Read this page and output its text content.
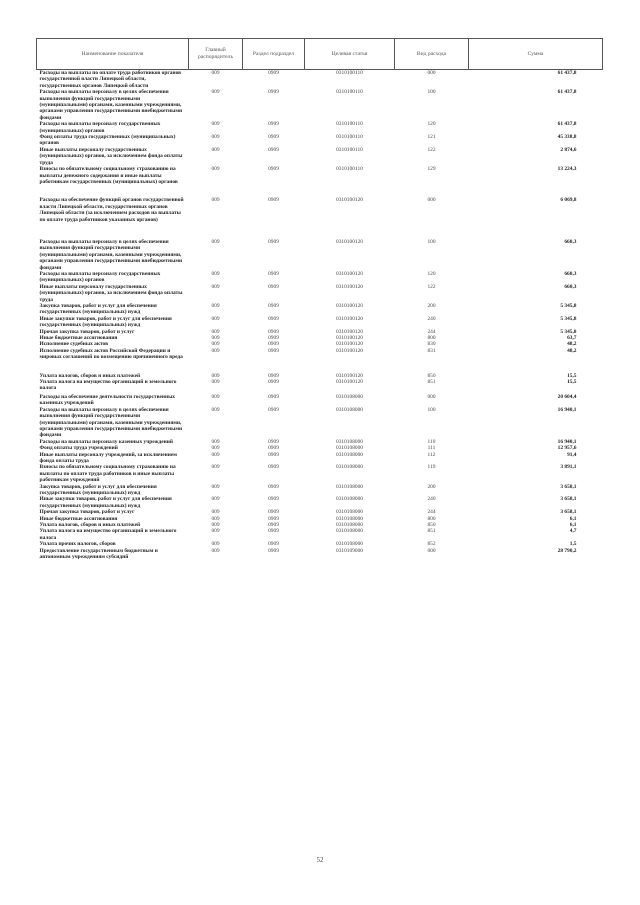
Наименование показателя	Главный распорядитель	Раздел подраздел	Целевая статья	Вид расхода	Сумма
Расходы на выплаты по оплате труда работников органов государственной власти Липецкой области, государственных органов Липецкой области	009	0909	0310100110	000	61 437,8
Расходы на выплаты персоналу в целях обеспечения выполнения функций государственными (муниципальными) органами, казенными учреждениями, органами управления государственными внебюджетными фондами	009	0909	0310100110	100	61 437,8
Расходы на выплаты персоналу государственных (муниципальных) органов	009	0909	0310100110	120	61 437,8
Фонд оплаты труда государственных (муниципальных) органов	009	0909	0310100110	121	45 338,8
Иные выплаты персоналу государственных (муниципальных) органов, за исключением фонда оплаты труда	009	0909	0310100110	122	2 874,6
Взносы по обязательному социальному страхованию на выплаты денежного содержания и иные выплаты работникам государственных (муниципальных) органов	009	0909	0310100110	129	13 224,3
Расходы на обеспечение функций органов государственной власти Липецкой области, государственных органов Липецкой области (за исключением расходов на выплаты по оплате труда работников указанных органов)	009	0909	0310100120	000	6 069,8
Расходы на выплаты персоналу в целях обеспечения выполнения функций государственными (муниципальными) органами, казенными учреждениями, органами управления государственными внебюджетными фондами	009	0909	0310100120	100	660,3
Расходы на выплаты персоналу государственных (муниципальных) органов	009	0909	0310100120	120	660,3
Иные выплаты персоналу государственных (муниципальных) органов, за исключением фонда оплаты труда	009	0909	0310100120	122	660,3
Закупка товаров, работ и услуг для обеспечения государственных (муниципальных) нужд	009	0909	0310100120	200	5 345,8
Иные закупки товаров, работ и услуг для обеспечения государственных (муниципальных) нужд	009	0909	0310100120	240	5 345,8
Прочая закупка товаров, работ и услуг	009	0909	0310100120	244	5 345,8
Иные бюджетные ассигнования	009	0909	0310100120	800	63,7
Исполнение судебных актов	009	0909	0310100120	830	48,2
Исполнение судебных актов Российской Федерации и мировых соглашений по возмещению причиненного вреда	009	0909	0310100120	831	48,2
Уплата налогов, сборов и иных платежей	009	0909	0310100120	850	15,5
Уплата налога на имущество организаций и земельного налога	009	0909	0310100120	851	15,5
Расходы на обеспечение деятельности государственных казенных учреждений	009	0909	0310108000	000	20 604,4
Расходы на выплаты персоналу в целях обеспечения выполнения функций государственными (муниципальными) органами, казенными учреждениями, органами управления государственными внебюджетными фондами	009	0909	0310108000	100	16 940,1
Расходы на выплаты персоналу казенных учреждений	009	0909	0310108000	110	16 940,1
Фонд оплаты труда учреждений	009	0909	0310108000	111	12 957,6
Иные выплаты персоналу учреждений, за исключением фонда оплаты труда	009	0909	0310108000	112	91,4
Взносы по обязательному социальному страхованию на выплаты по оплате труда работников и иные выплаты работникам учреждений	009	0909	0310108000	119	3 891,1
Закупка товаров, работ и услуг для обеспечения государственных (муниципальных) нужд	009	0909	0310108000	200	3 658,1
Иные закупки товаров, работ и услуг для обеспечения государственных (муниципальных) нужд	009	0909	0310108000	240	3 658,1
Прочая закупка товаров, работ и услуг	009	0909	0310108000	244	3 658,1
Иные бюджетные ассигнования	009	0909	0310108000	800	6,1
Уплата налогов, сборов и иных платежей	009	0909	0310108000	850	6,1
Уплата налога на имущество организаций и земельного налога	009	0909	0310108000	851	4,7
Уплата прочих налогов, сборов	009	0909	0310108000	852	1,5
Предоставление государственным бюджетным и автономным учреждениям субсидий	009	0909	0310109000	000	28 790,2
52
